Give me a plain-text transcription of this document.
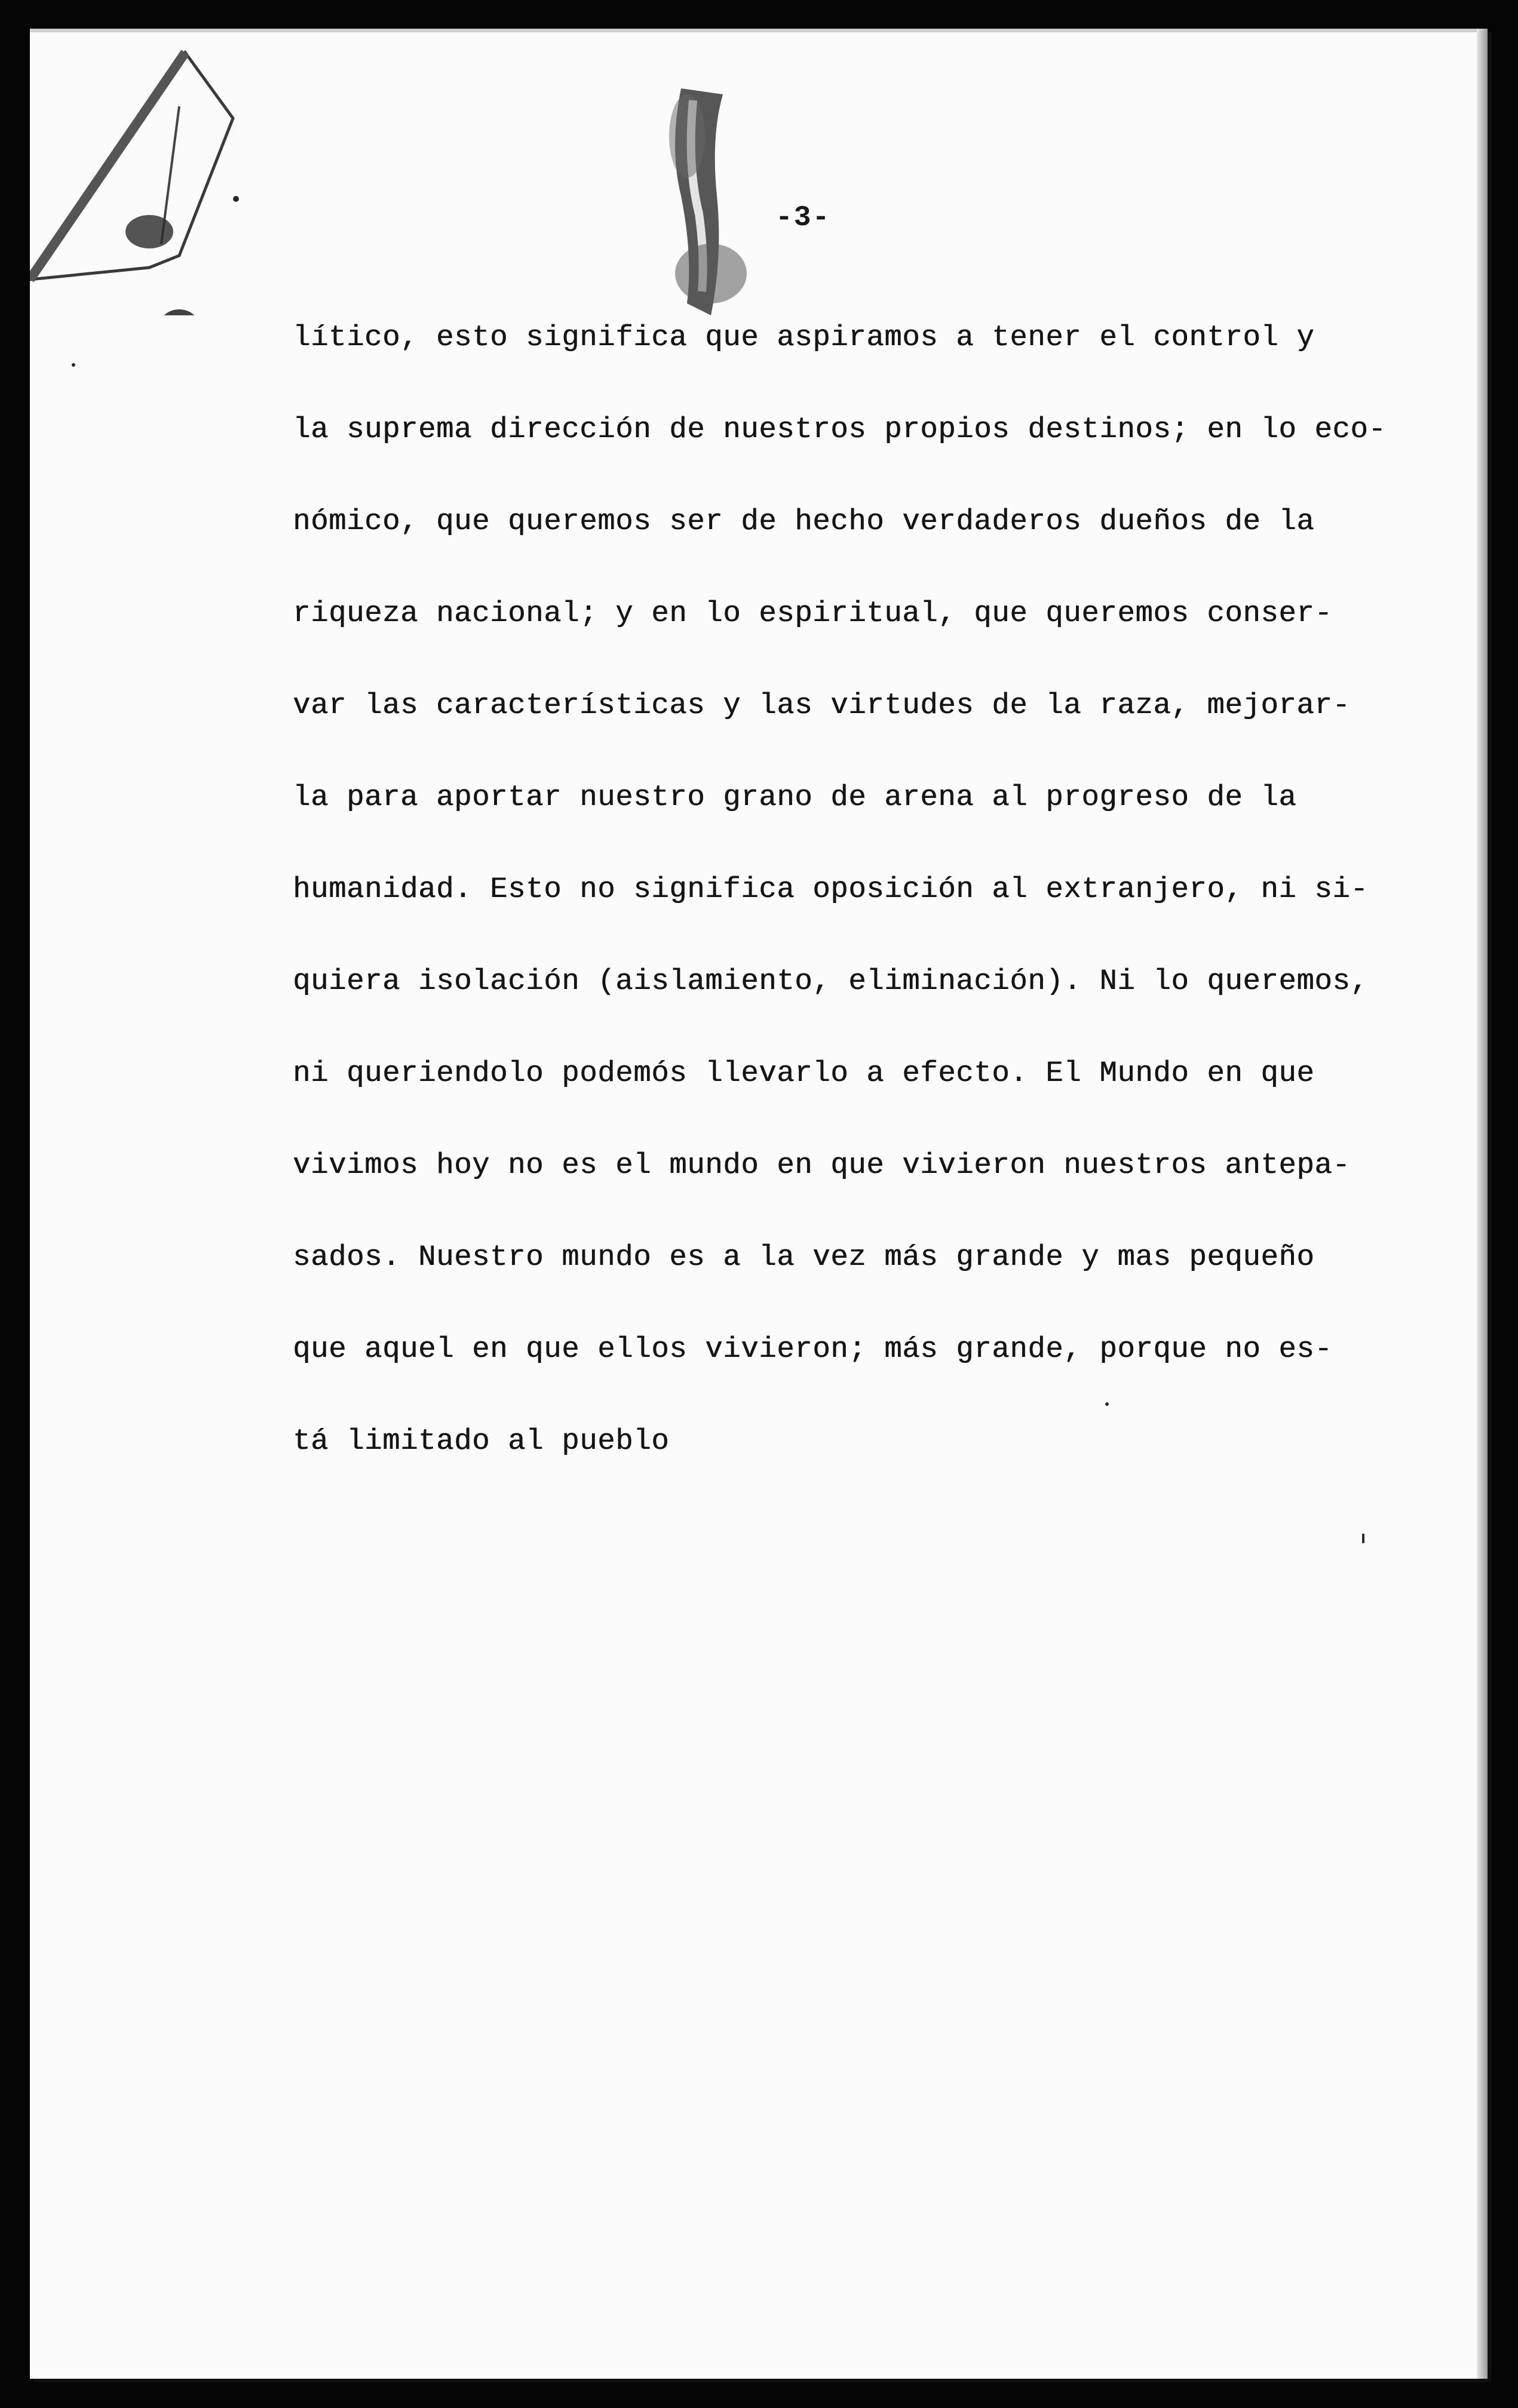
-3-
lítico, esto significa que aspiramos a tener el control y
la suprema dirección de nuestros propios destinos; en lo eco-
nómico, que queremos ser de hecho verdaderos dueños de la
riqueza nacional; y en lo espiritual, que queremos conser-
var las características y las virtudes de la raza, mejorar-
la para aportar nuestro grano de arena al progreso de la
humanidad. Esto no significa oposición al extranjero, ni si-
quiera isolación (aislamiento, eliminación). Ni lo queremos,
ni queriendolo podemós llevarlo a efecto. El Mundo en que
vivimos hoy no es el mundo en que vivieron nuestros antepa-
sados. Nuestro mundo es a la vez más grande y mas pequeño
que aquel en que ellos vivieron; más grande, porque no es-
tá limitado al pueblo
